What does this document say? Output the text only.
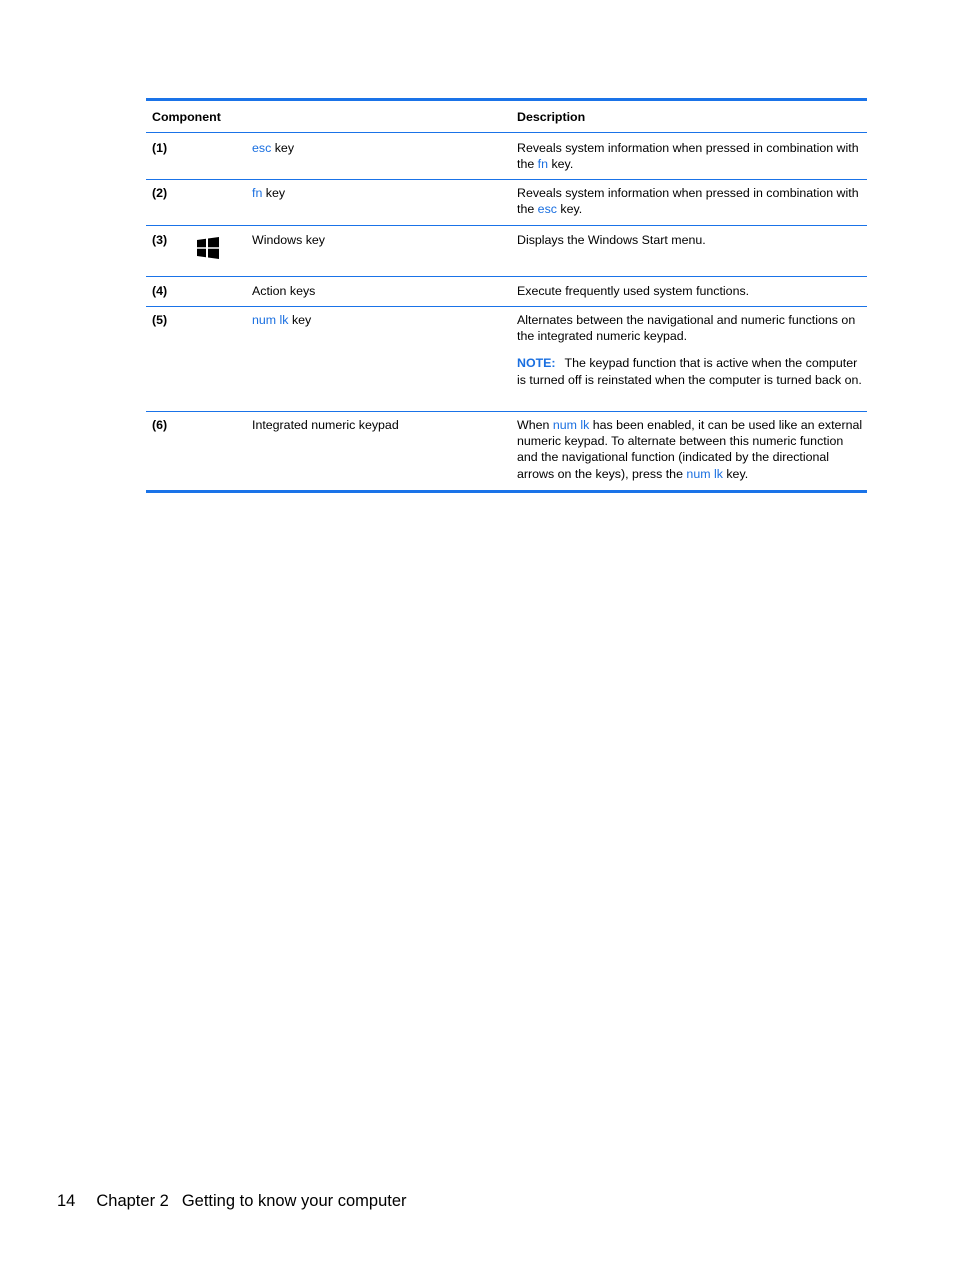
Component	Description
(1)	esc key	Reveals system information when pressed in combination with the fn key.
(2)	fn key	Reveals system information when pressed in combination with the esc key.
(3)	Windows key	Displays the Windows Start menu.
(4)	Action keys	Execute frequently used system functions.
(5)	num lk key	Alternates between the navigational and numeric functions on the integrated numeric keypad.
NOTE: The keypad function that is active when the computer is turned off is reinstated when the computer is turned back on.
(6)	Integrated numeric keypad	When num lk has been enabled, it can be used like an external numeric keypad. To alternate between this numeric function and the navigational function (indicated by the directional arrows on the keys), press the num lk key.
14 Chapter 2 Getting to know your computer
